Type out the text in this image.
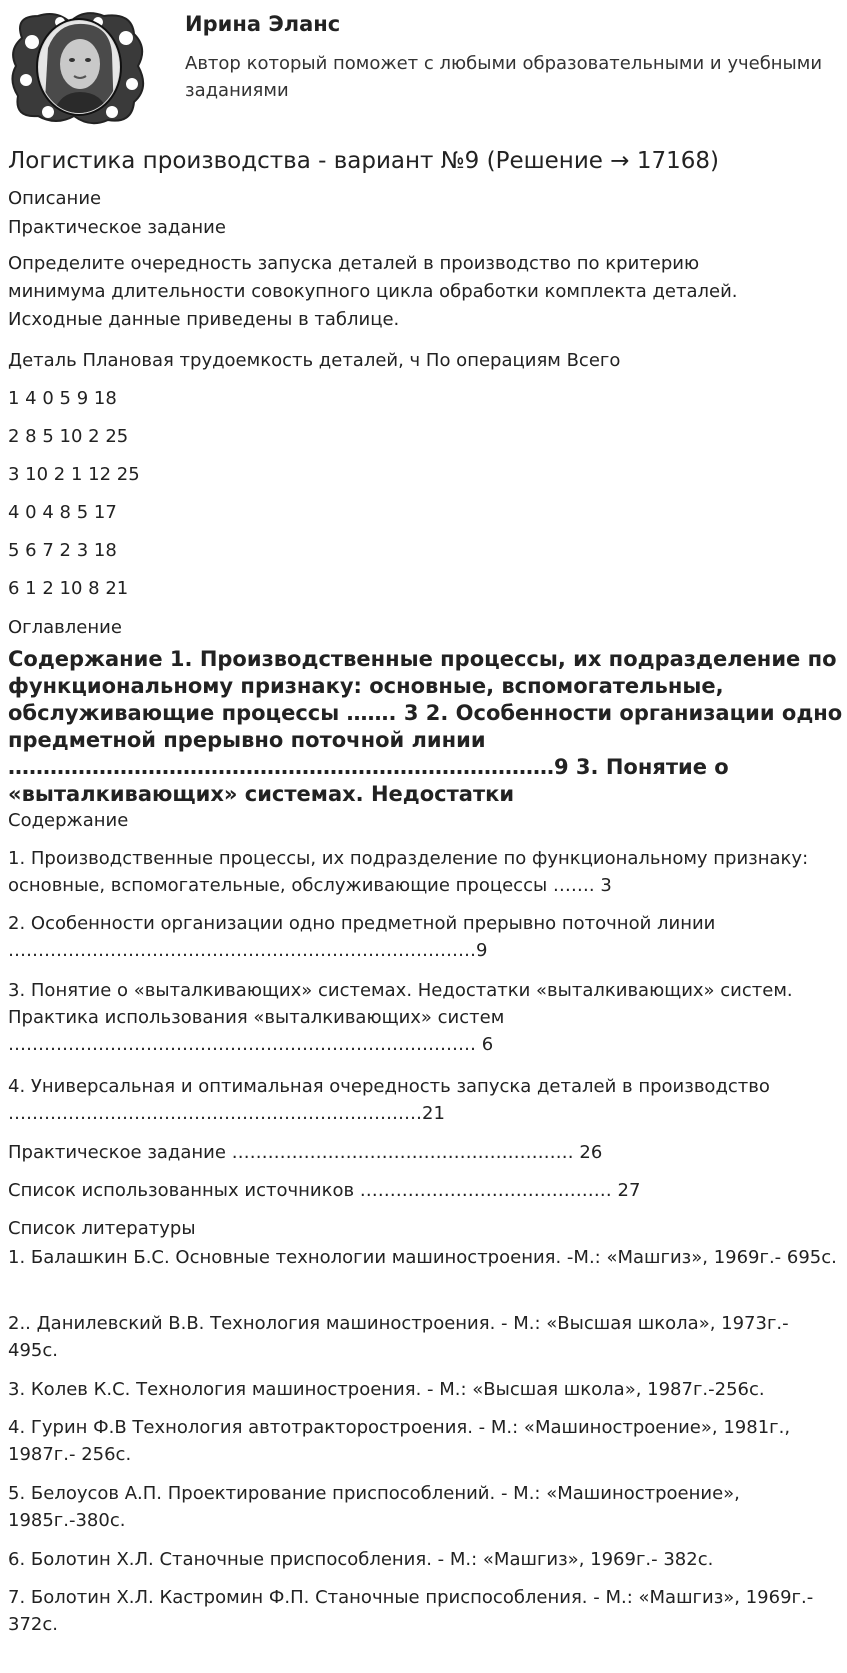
Ирина Эланс
Автор который поможет с любыми образовательными и учебными заданиями
Логистика производства - вариант №9 (Решение → 17168)
Описание
Практическое задание
Определите очередность запуска деталей в производство по критерию минимума длительности совокупного цикла обработки комплекта деталей. Исходные данные приведены в таблице.
Деталь Плановая трудоемкость деталей, ч По операциям Всего
1 4 0 5 9 18
2 8 5 10 2 25
3 10 2 1 12 25
4 0 4 8 5 17
5 6 7 2 3 18
6 1 2 10 8 21
Оглавление
Содержание 1. Производственные процессы, их подразделение по функциональному признаку: основные, вспомогательные, обслуживающие процессы ……. 3 2. Особенности организации одно предметной прерывно поточной линии ……………………………………………………………………9 3. Понятие о «выталкивающих» системах. Недостатки
Содержание
1. Производственные процессы, их подразделение по функциональному признаку: основные, вспомогательные, обслуживающие процессы ……. 3
2. Особенности организации одно предметной прерывно поточной линии ……………………………………………………………………9
3. Понятие о «выталкивающих» системах. Недостатки «выталкивающих» систем. Практика использования «выталкивающих» систем …………………………………………………………………… 6
4. Универсальная и оптимальная очередность запуска деталей в производство ……………………………………………………………21
Практическое задание ………………………………………………… 26
Список использованных источников …………………………………… 27
Список литературы
1. Балашкин Б.С. Основные технологии машиностроения. -М.: «Машгиз», 1969г.- 695с.
2.. Данилевский В.В. Технология машиностроения. - М.: «Высшая школа», 1973г.- 495с.
3. Колев К.С. Технология машиностроения. - М.: «Высшая школа», 1987г.-256с.
4. Гурин Ф.В Технология автотракторостроения. - М.: «Машиностроение», 1981г., 1987г.- 256с.
5. Белоусов А.П. Проектирование приспособлений. - М.: «Машиностроение», 1985г.-380с.
6. Болотин Х.Л. Станочные приспособления. - М.: «Машгиз», 1969г.- 382с.
7. Болотин Х.Л. Кастромин Ф.П. Станочные приспособления. - М.: «Машгиз», 1969г.- 372с.
